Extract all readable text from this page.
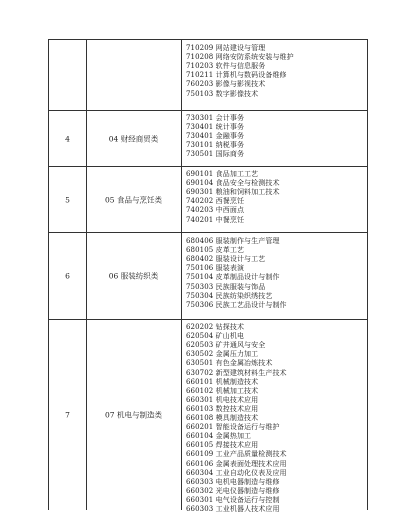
710209 网站建设与管理
710208 网络安防系统安装与维护
710203 软件与信息服务
710211 计算机与数码设备维修
760203 影像与影视技术
750103 数字影像技术
4	04 财经商贸类
730301 会计事务
730401 统计事务
730401 金融事务
730101 纳税事务
730501 国际商务
5	05 食品与烹饪类
690101 食品加工工艺
690104 食品安全与检测技术
690301 粮油和饲料加工技术
740202 西餐烹饪
740203 中西面点
740201 中餐烹饪
6	06 服装纺织类
680406 服装制作与生产管理
680105 皮革工艺
680402 服装设计与工艺
750106 服装表演
750104 皮革制品设计与制作
750303 民族服装与饰品
750304 民族纺染织绣技艺
750306 民族工艺品设计与制作
7	07 机电与制造类
620202 钻探技术
620504 矿山机电
620503 矿井通风与安全
630502 金属压力加工
630501 有色金属冶炼技术
630702 新型建筑材料生产技术
660101 机械制造技术
660102 机械加工技术
660301 机电技术应用
660103 数控技术应用
660108 模具制造技术
660201 智能设备运行与维护
660104 金属热加工
660105 焊接技术应用
660109 工业产品质量检测技术
660106 金属表面处理技术应用
660304 工业自动化仪表及应用
660303 电机电器制造与维修
660302 光电仪器制造与维修
660301 电气设备运行与控制
660303 工业机器人技术应用
